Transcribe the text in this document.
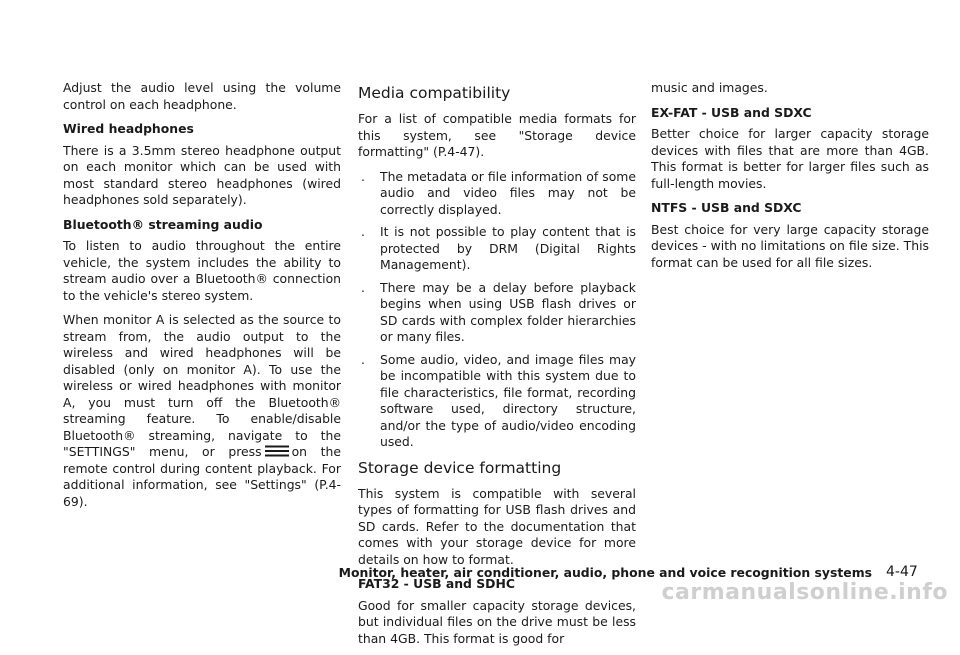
Adjust the audio level using the volume control on each headphone.

Wired headphones

There is a 3.5mm stereo headphone output on each monitor which can be used with most standard stereo headphones (wired headphones sold separately).

Bluetooth® streaming audio

To listen to audio throughout the entire vehicle, the system includes the ability to stream audio over a Bluetooth® connection to the vehicle's stereo system.

When monitor A is selected as the source to stream from, the audio output to the wireless and wired headphones will be disabled (only on monitor A). To use the wireless or wired headphones with monitor A, you must turn off the Bluetooth® streaming feature. To enable/disable Bluetooth® streaming, navigate to the "SETTINGS" menu, or press on the remote control during content playback. For additional information, see "Settings" (P.4-69).

Media compatibility

For a list of compatible media formats for this system, see "Storage device formatting" (P.4-47).

. The metadata or file information of some audio and video files may not be correctly displayed.
. It is not possible to play content that is protected by DRM (Digital Rights Management).
. There may be a delay before playback begins when using USB flash drives or SD cards with complex folder hierarchies or many files.
. Some audio, video, and image files may be incompatible with this system due to file characteristics, file format, recording software used, directory structure, and/or the type of audio/video encoding used.
Storage device formatting

This system is compatible with several types of formatting for USB flash drives and SD cards. Refer to the documentation that comes with your storage device for more details on how to format.

FAT32 - USB and SDHC

Good for smaller capacity storage devices, but individual files on the drive must be less than 4GB. This format is good for

music and images.

EX-FAT - USB and SDXC

Better choice for larger capacity storage devices with files that are more than 4GB. This format is better for larger files such as full-length movies.

NTFS - USB and SDXC

Best choice for very large capacity storage devices - with no limitations on file size. This format can be used for all file sizes.

Monitor, heater, air conditioner, audio, phone and voice recognition systems 4-47
carmanualsonline.info
